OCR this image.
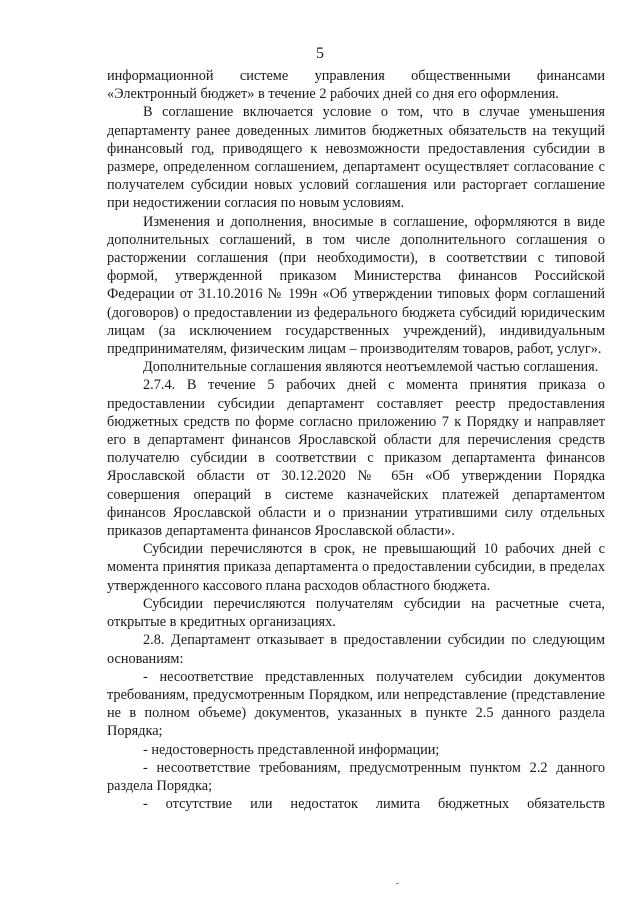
5

информационной системе управления общественными финансами «Электронный бюджет» в течение 2 рабочих дней со дня его оформления.

В соглашение включается условие о том, что в случае уменьшения департаменту ранее доведенных лимитов бюджетных обязательств на текущий финансовый год, приводящего к невозможности предоставления субсидии в размере, определенном соглашением, департамент осуществляет согласование с получателем субсидии новых условий соглашения или расторгает соглашение при недостижении согласия по новым условиям.

Изменения и дополнения, вносимые в соглашение, оформляются в виде дополнительных соглашений, в том числе дополнительного соглашения о расторжении соглашения (при необходимости), в соответствии с типовой формой, утвержденной приказом Министерства финансов Российской Федерации от 31.10.2016 № 199н «Об утверждении типовых форм соглашений (договоров) о предоставлении из федерального бюджета субсидий юридическим лицам (за исключением государственных учреждений), индивидуальным предпринимателям, физическим лицам – производителям товаров, работ, услуг».

Дополнительные соглашения являются неотъемлемой частью соглашения.

2.7.4. В течение 5 рабочих дней с момента принятия приказа о предоставлении субсидии департамент составляет реестр предоставления бюджетных средств по форме согласно приложению 7 к Порядку и направляет его в департамент финансов Ярославской области для перечисления средств получателю субсидии в соответствии с приказом департамента финансов Ярославской области от 30.12.2020 № 65н «Об утверждении Порядка совершения операций в системе казначейских платежей департаментом финансов Ярославской области и о признании утратившими силу отдельных приказов департамента финансов Ярославской области».

Субсидии перечисляются в срок, не превышающий 10 рабочих дней с момента принятия приказа департамента о предоставлении субсидии, в пределах утвержденного кассового плана расходов областного бюджета.

Субсидии перечисляются получателям субсидии на расчетные счета, открытые в кредитных организациях.

2.8. Департамент отказывает в предоставлении субсидии по следующим основаниям:

- несоответствие представленных получателем субсидии документов требованиям, предусмотренным Порядком, или непредставление (представление не в полном объеме) документов, указанных в пункте 2.5 данного раздела Порядка;

- недостоверность представленной информации;

- несоответствие требованиям, предусмотренным пунктом 2.2 данного раздела Порядка;

- отсутствие или недостаток лимита бюджетных обязательств
